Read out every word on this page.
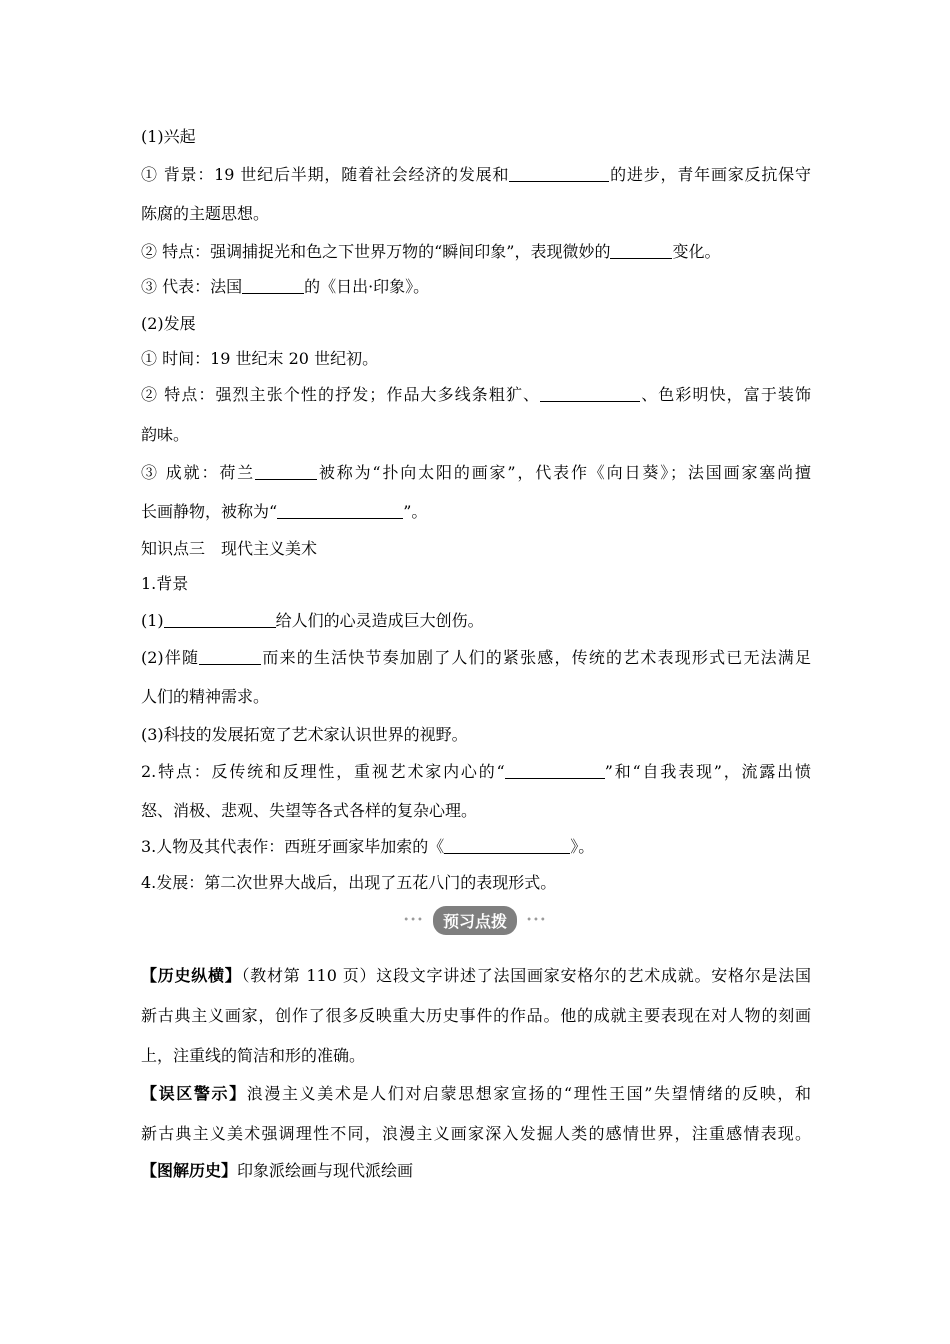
(1)兴起
① 背景：19 世纪后半期，随着社会经济的发展和	的进步，青年画家反抗保守
陈腐的主题思想。
② 特点：强调捕捉光和色之下世界万物的“瞬间印象”，表现微妙的	变化。
③ 代表：法国	的《日出·印象》。
(2)发展
① 时间：19 世纪末 20 世纪初。
② 特点：强烈主张个性的抒发；作品大多线条粗犷、	、色彩明快，富于装饰
韵味。
③ 成就：荷兰	被称为“扑向太阳的画家”，代表作《向日葵》；法国画家塞尚擅
长画静物，被称为“	”。
知识点三　现代主义美术
1.背景
(1)	给人们的心灵造成巨大创伤。
(2)伴随	而来的生活快节奏加剧了人们的紧张感，传统的艺术表现形式已无法满足
人们的精神需求。
(3)科技的发展拓宽了艺术家认识世界的视野。
2.特点：反传统和反理性，重视艺术家内心的“	”和“自我表现”，流露出愤
怒、消极、悲观、失望等各式各样的复杂心理。
3.人物及其代表作：西班牙画家毕加索的《	》。
4.发展：第二次世界大战后，出现了五花八门的表现形式。
••• 预习点拨 •••
【历史纵横】（教材第 110 页）这段文字讲述了法国画家安格尔的艺术成就。安格尔是法国
新古典主义画家，创作了很多反映重大历史事件的作品。他的成就主要表现在对人物的刻画
上，注重线的简洁和形的准确。
【误区警示】浪漫主义美术是人们对启蒙思想家宣扬的“理性王国”失望情绪的反映，和
新古典主义美术强调理性不同，浪漫主义画家深入发掘人类的感情世界，注重感情表现。
【图解历史】印象派绘画与现代派绘画
